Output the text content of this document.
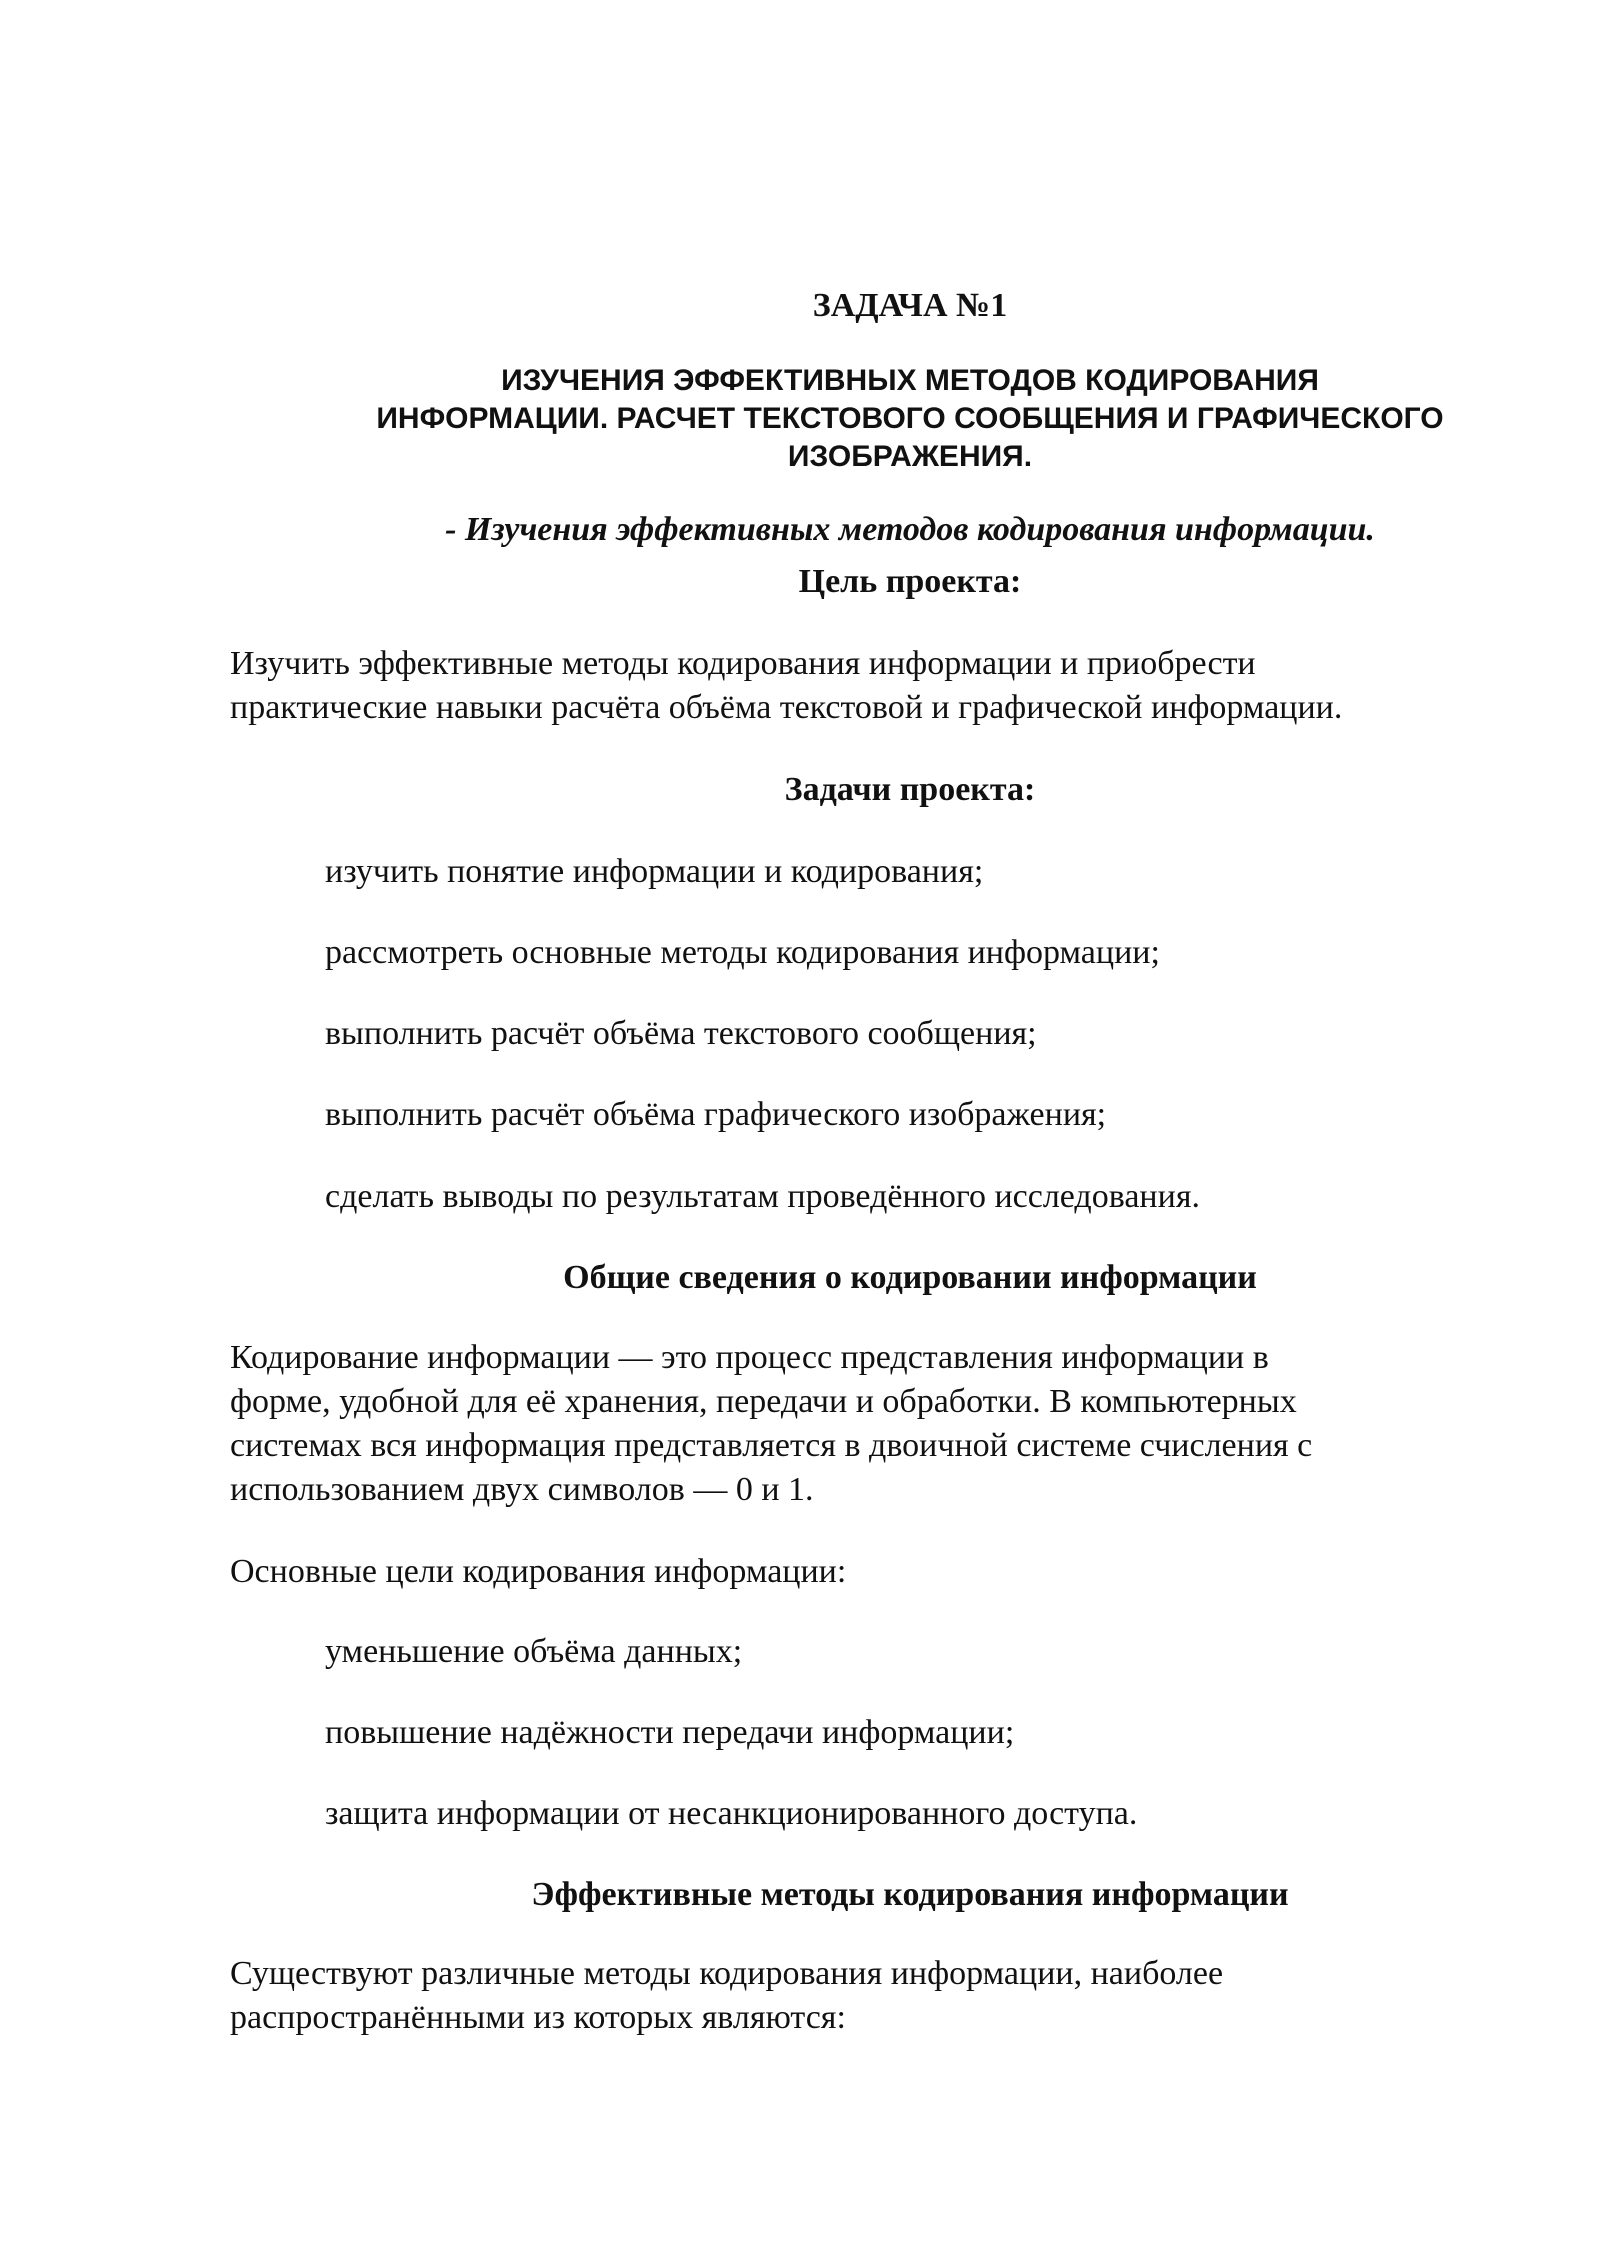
ЗАДАЧА №1

ИЗУЧЕНИЯ ЭФФЕКТИВНЫХ МЕТОДОВ КОДИРОВАНИЯ
ИНФОРМАЦИИ. РАСЧЕТ ТЕКСТОВОГО СООБЩЕНИЯ И ГРАФИЧЕСКОГО
ИЗОБРАЖЕНИЯ.

- Изучения эффективных методов кодирования информации.

Цель проекта:

Изучить эффективные методы кодирования информации и приобрести

практические навыки расчёта объёма текстовой и графической информации.

Задачи проекта:

изучить понятие информации и кодирования;

рассмотреть основные методы кодирования информации;

выполнить расчёт объёма текстового сообщения;

выполнить расчёт объёма графического изображения;

сделать выводы по результатам проведённого исследования.

Общие сведения о кодировании информации

Кодирование информации — это процесс представления информации в

форме, удобной для её хранения, передачи и обработки. В компьютерных

системах вся информация представляется в двоичной системе счисления с

использованием двух символов — 0 и 1.

Основные цели кодирования информации:

уменьшение объёма данных;

повышение надёжности передачи информации;

защита информации от несанкционированного доступа.

Эффективные методы кодирования информации

Существуют различные методы кодирования информации, наиболее

распространёнными из которых являются:
